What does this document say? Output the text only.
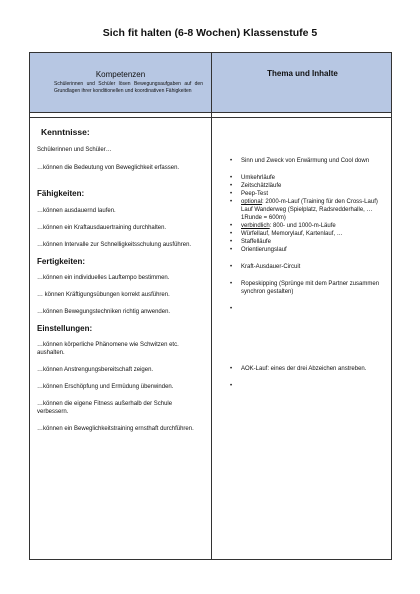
Sich fit halten (6-8 Wochen) Klassenstufe 5
Kompetenzen
Schülerinnen und Schüler lösen Bewegungsaufgaben auf den Grundlagen ihrer konditionellen und koordinativen Fähigkeiten
Thema und Inhalte
Kenntnisse:

Schülerinnen und Schüler…

…können die Bedeutung von Beweglichkeit erfassen.

Fähigkeiten:

…können ausdauernd laufen.

…können ein Kraftausdauertraining durchhalten.

…können Intervalle zur Schnelligkeitsschulung ausführen.

Fertigkeiten:

…können ein individuelles Lauftempo bestimmen.

… können Kräftigungsübungen korrekt ausführen.

…können Bewegungstechniken richtig anwenden.

Einstellungen:

…können körperliche Phänomene wie Schwitzen etc. aushalten.

…können Anstrengungsbereitschaft zeigen.

…können Erschöpfung und Ermüdung überwinden.

…können die eigene Fitness außerhalb der Schule verbessern.

…können ein Beweglichkeitstraining ernsthaft durchführen.

• Sinn und Zweck von Erwärmung und Cool down
• Umkehrläufe
• Zeitschätzläufe
• Peep-Test
• optional: 2000-m-Lauf (Training für den Cross-Lauf) Lauf Wanderweg (Spielplatz, Radsredderhalle, … 1Runde = 600m)
• verbindlich: 800- und 1000-m-Läufe
• Würfellauf, Memorylauf, Kartenlauf, …
• Staffelläufe
• Orientierungslauf
• Kraft-Ausdauer-Circuit
• Ropeskipping (Sprünge mit dem Partner zusammen synchron gestalten)
•
• AOK-Lauf: eines der drei Abzeichen anstreben.
•
